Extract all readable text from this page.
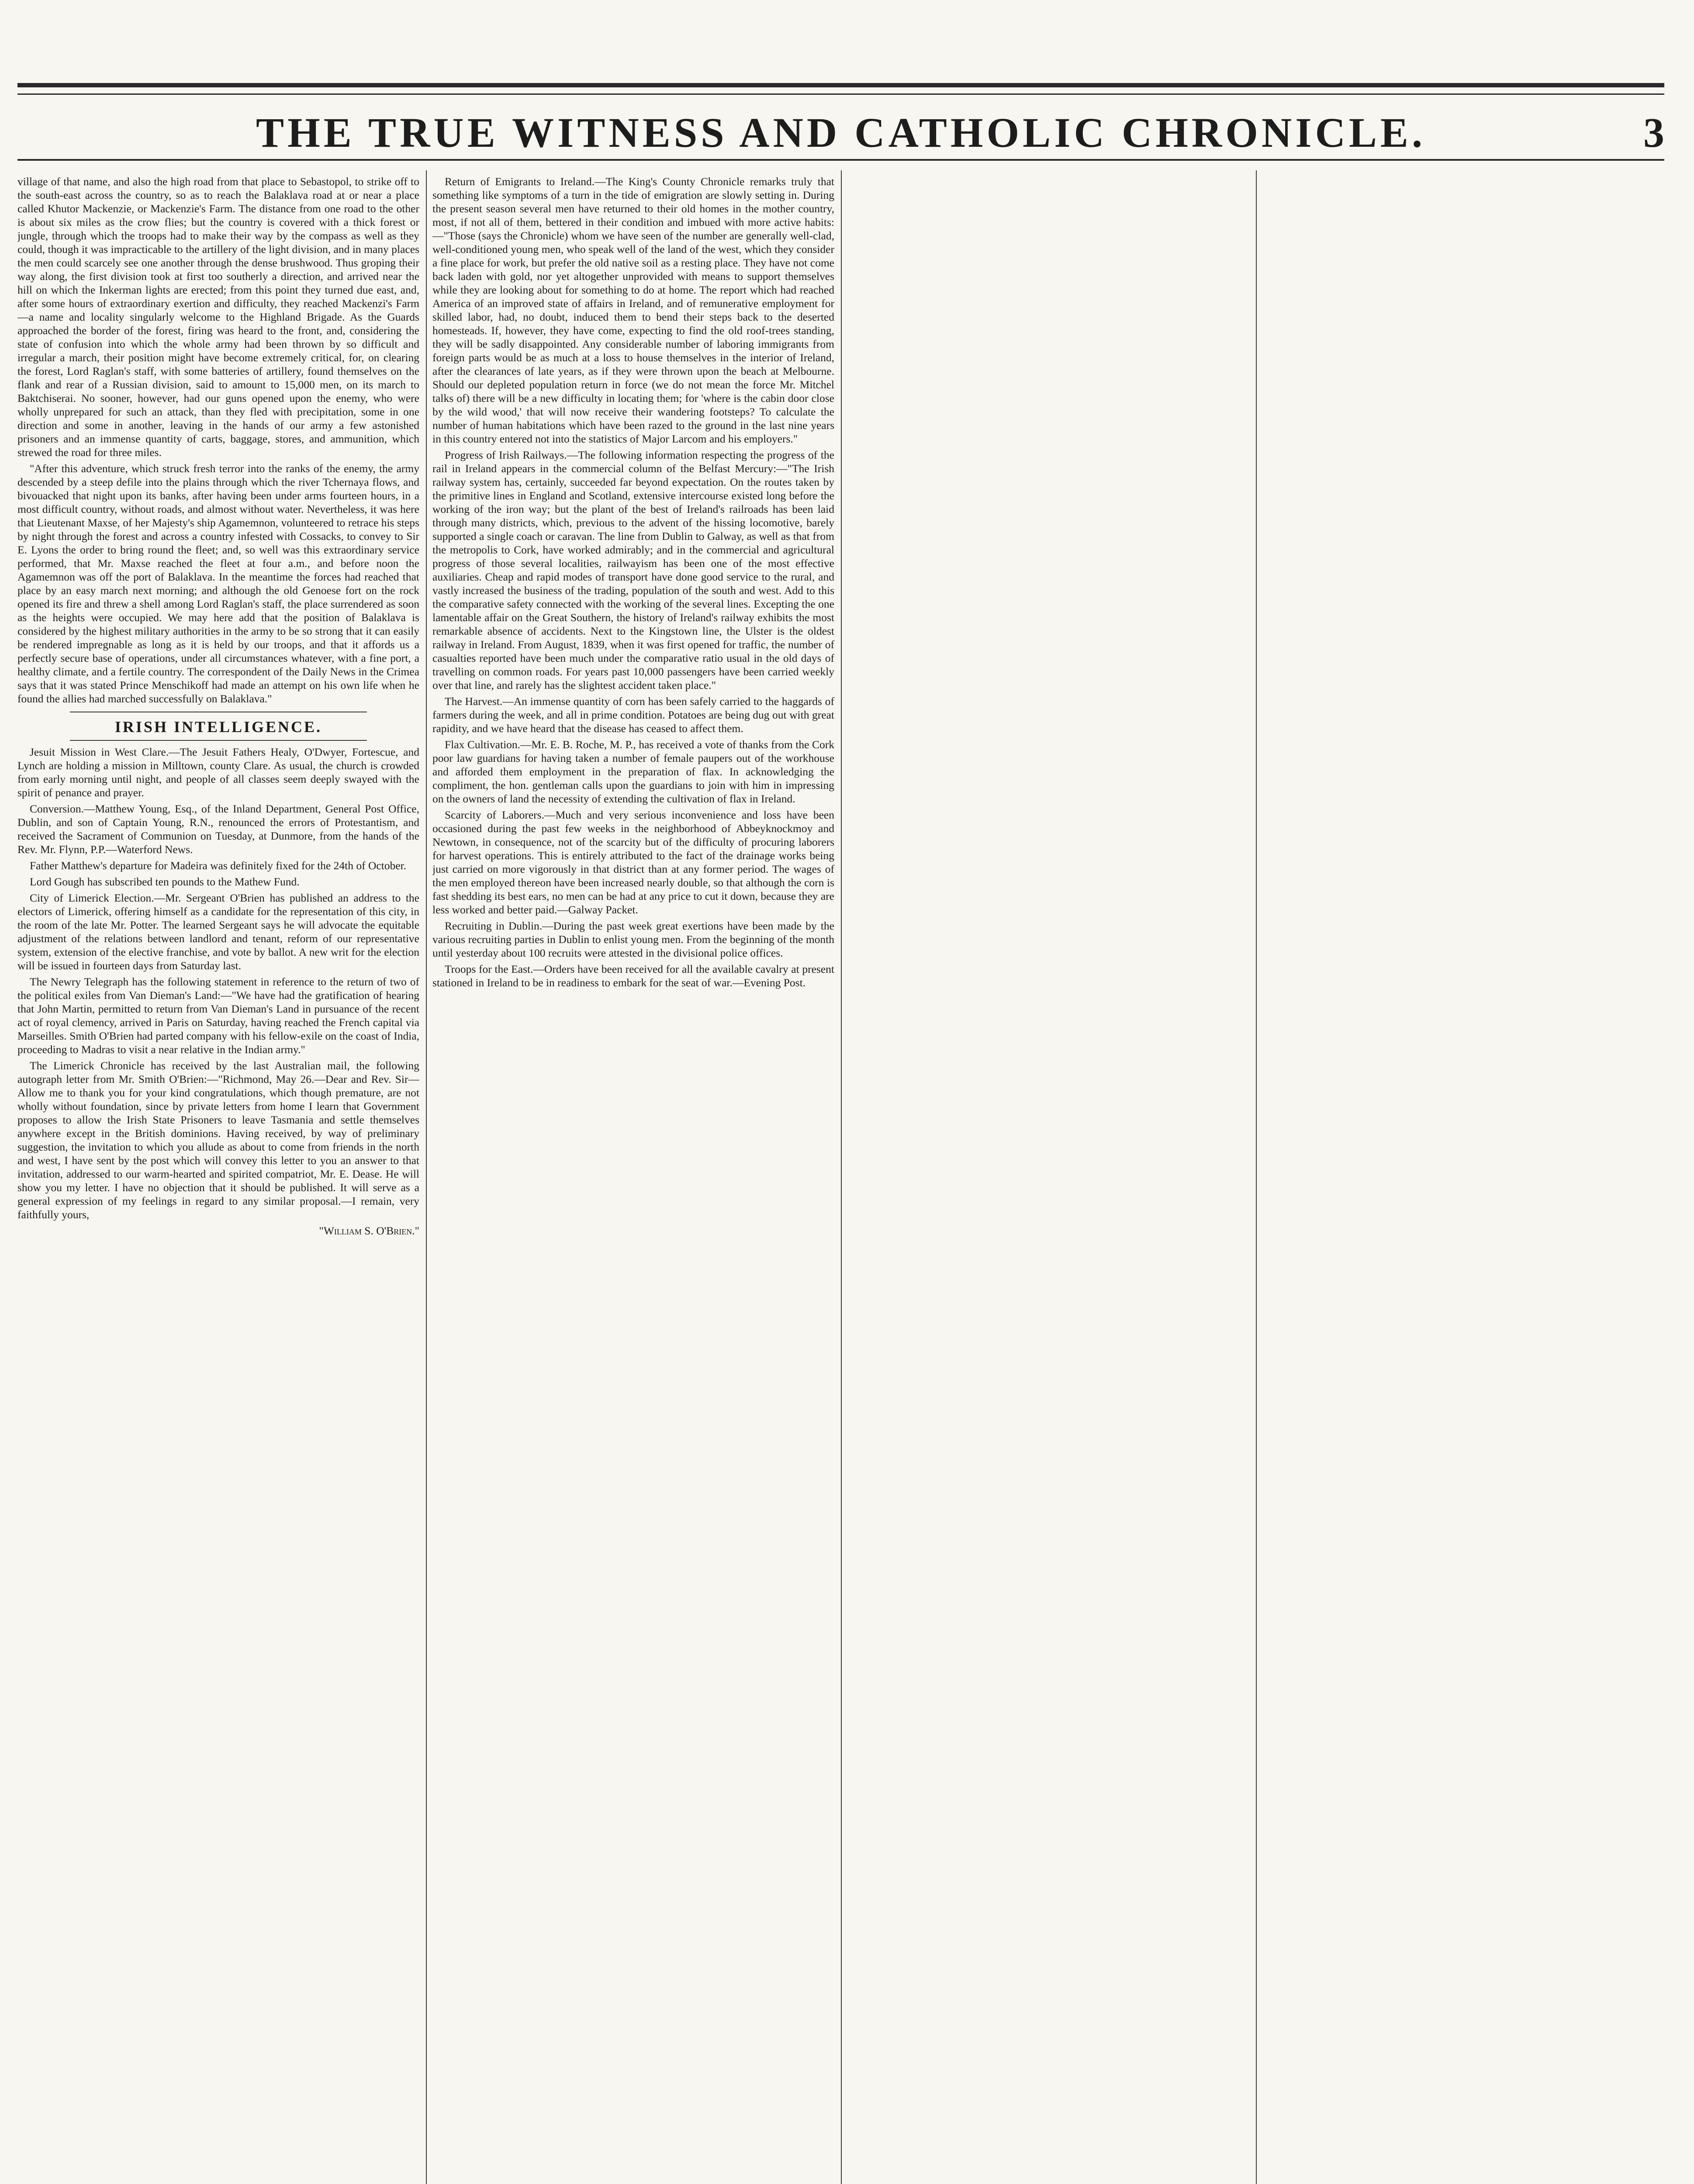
THE TRUE WITNESS AND CATHOLIC CHRONICLE.	3

village of that name, and also the high road from that place to Sebastopol, to strike off to the south-east across the country, so as to reach the Balaklava road at or near a place called Khutor Mackenzie, or Mackenzie's Farm. The distance from one road to the other is about six miles as the crow flies; but the country is covered with a thick forest or jungle, through which the troops had to make their way by the compass as well as they could, though it was impracticable to the artillery of the light division, and in many places the men could scarcely see one another through the dense brushwood. Thus groping their way along, the first division took at first too southerly a direction, and arrived near the hill on which the Inkerman lights are erected; from this point they turned due east, and, after some hours of extraordinary exertion and difficulty, they reached Mackenzi's Farm—a name and locality singularly welcome to the Highland Brigade. As the Guards approached the border of the forest, firing was heard to the front, and, considering the state of confusion into which the whole army had been thrown by so difficult and irregular a march, their position might have become extremely critical, for, on clearing the forest, Lord Raglan's staff, with some batteries of artillery, found themselves on the flank and rear of a Russian division, said to amount to 15,000 men, on its march to Baktchiserai. No sooner, however, had our guns opened upon the enemy, who were wholly unprepared for such an attack, than they fled with precipitation, some in one direction and some in another, leaving in the hands of our army a few astonished prisoners and an immense quantity of carts, baggage, stores, and ammunition, which strewed the road for three miles.

"After this adventure, which struck fresh terror into the ranks of the enemy, the army descended by a steep defile into the plains through which the river Tchernaya flows, and bivouacked that night upon its banks, after having been under arms fourteen hours, in a most difficult country, without roads, and almost without water. Nevertheless, it was here that Lieutenant Maxse, of her Majesty's ship Agamemnon, volunteered to retrace his steps by night through the forest and across a country infested with Cossacks, to convey to Sir E. Lyons the order to bring round the fleet; and, so well was this extraordinary service performed, that Mr. Maxse reached the fleet at four a.m., and before noon the Agamemnon was off the port of Balaklava. In the meantime the forces had reached that place by an easy march next morning; and although the old Genoese fort on the rock opened its fire and threw a shell among Lord Raglan's staff, the place surrendered as soon as the heights were occupied. We may here add that the position of Balaklava is considered by the highest military authorities in the army to be so strong that it can easily be rendered impregnable as long as it is held by our troops, and that it affords us a perfectly secure base of operations, under all circumstances whatever, with a fine port, a healthy climate, and a fertile country. The correspondent of the Daily News in the Crimea says that it was stated Prince Menschikoff had made an attempt on his own life when he found the allies had marched successfully on Balaklava."

IRISH INTELLIGENCE.

Jesuit Mission in West Clare.—The Jesuit Fathers Healy, O'Dwyer, Fortescue, and Lynch are holding a mission in Milltown, county Clare. As usual, the church is crowded from early morning until night, and people of all classes seem deeply swayed with the spirit of penance and prayer.

Conversion.—Matthew Young, Esq., of the Inland Department, General Post Office, Dublin, and son of Captain Young, R.N., renounced the errors of Protestantism, and received the Sacrament of Communion on Tuesday, at Dunmore, from the hands of the Rev. Mr. Flynn, P.P.—Waterford News.

Father Matthew's departure for Madeira was definitely fixed for the 24th of October.

Lord Gough has subscribed ten pounds to the Mathew Fund.

City of Limerick Election.—Mr. Sergeant O'Brien has published an address to the electors of Limerick, offering himself as a candidate for the representation of this city, in the room of the late Mr. Potter. The learned Sergeant says he will advocate the equitable adjustment of the relations between landlord and tenant, reform of our representative system, extension of the elective franchise, and vote by ballot. A new writ for the election will be issued in fourteen days from Saturday last.

The Newry Telegraph has the following statement in reference to the return of two of the political exiles from Van Dieman's Land:—"We have had the gratification of hearing that John Martin, permitted to return from Van Dieman's Land in pursuance of the recent act of royal clemency, arrived in Paris on Saturday, having reached the French capital via Marseilles. Smith O'Brien had parted company with his fellow-exile on the coast of India, proceeding to Madras to visit a near relative in the Indian army."

The Limerick Chronicle has received by the last Australian mail, the following autograph letter from Mr. Smith O'Brien:—"Richmond, May 26.—Dear and Rev. Sir—Allow me to thank you for your kind congratulations, which though premature, are not wholly without foundation, since by private letters from home I learn that Government proposes to allow the Irish State Prisoners to leave Tasmania and settle themselves anywhere except in the British dominions. Having received, by way of preliminary suggestion, the invitation to which you allude as about to come from friends in the north and west, I have sent by the post which will convey this letter to you an answer to that invitation, addressed to our warm-hearted and spirited compatriot, Mr. E. Dease. He will show you my letter. I have no objection that it should be published. It will serve as a general expression of my feelings in regard to any similar proposal.—I remain, very faithfully yours,

"William S. O'Brien."

Return of Emigrants to Ireland.—The King's County Chronicle remarks truly that something like symptoms of a turn in the tide of emigration are slowly setting in. During the present season several men have returned to their old homes in the mother country, most, if not all of them, bettered in their condition and imbued with more active habits:—"Those (says the Chronicle) whom we have seen of the number are generally well-clad, well-conditioned young men, who speak well of the land of the west, which they consider a fine place for work, but prefer the old native soil as a resting place. They have not come back laden with gold, nor yet altogether unprovided with means to support themselves while they are looking about for something to do at home. The report which had reached America of an improved state of affairs in Ireland, and of remunerative employment for skilled labor, had, no doubt, induced them to bend their steps back to the deserted homesteads. If, however, they have come, expecting to find the old roof-trees standing, they will be sadly disappointed. Any considerable number of laboring immigrants from foreign parts would be as much at a loss to house themselves in the interior of Ireland, after the clearances of late years, as if they were thrown upon the beach at Melbourne. Should our depleted population return in force (we do not mean the force Mr. Mitchel talks of) there will be a new difficulty in locating them; for 'where is the cabin door close by the wild wood,' that will now receive their wandering footsteps? To calculate the number of human habitations which have been razed to the ground in the last nine years in this country entered not into the statistics of Major Larcom and his employers."

Progress of Irish Railways.—The following information respecting the progress of the rail in Ireland appears in the commercial column of the Belfast Mercury:—"The Irish railway system has, certainly, succeeded far beyond expectation. On the routes taken by the primitive lines in England and Scotland, extensive intercourse existed long before the working of the iron way; but the plant of the best of Ireland's railroads has been laid through many districts, which, previous to the advent of the hissing locomotive, barely supported a single coach or caravan. The line from Dublin to Galway, as well as that from the metropolis to Cork, have worked admirably; and in the commercial and agricultural progress of those several localities, railwayism has been one of the most effective auxiliaries. Cheap and rapid modes of transport have done good service to the rural, and vastly increased the business of the trading, population of the south and west. Add to this the comparative safety connected with the working of the several lines. Excepting the one lamentable affair on the Great Southern, the history of Ireland's railway exhibits the most remarkable absence of accidents. Next to the Kingstown line, the Ulster is the oldest railway in Ireland. From August, 1839, when it was first opened for traffic, the number of casualties reported have been much under the comparative ratio usual in the old days of travelling on common roads. For years past 10,000 passengers have been carried weekly over that line, and rarely has the slightest accident taken place."

The Harvest.—An immense quantity of corn has been safely carried to the haggards of farmers during the week, and all in prime condition. Potatoes are being dug out with great rapidity, and we have heard that the disease has ceased to affect them.

Flax Cultivation.—Mr. E. B. Roche, M. P., has received a vote of thanks from the Cork poor law guardians for having taken a number of female paupers out of the workhouse and afforded them employment in the preparation of flax. In acknowledging the compliment, the hon. gentleman calls upon the guardians to join with him in impressing on the owners of land the necessity of extending the cultivation of flax in Ireland.

Scarcity of Laborers.—Much and very serious inconvenience and loss have been occasioned during the past few weeks in the neighborhood of Abbeyknockmoy and Newtown, in consequence, not of the scarcity but of the difficulty of procuring laborers for harvest operations. This is entirely attributed to the fact of the drainage works being just carried on more vigorously in that district than at any former period. The wages of the men employed thereon have been increased nearly double, so that although the corn is fast shedding its best ears, no men can be had at any price to cut it down, because they are less worked and better paid.—Galway Packet.

Recruiting in Dublin.—During the past week great exertions have been made by the various recruiting parties in Dublin to enlist young men. From the beginning of the month until yesterday about 100 recruits were attested in the divisional police offices.

Troops for the East.—Orders have been received for all the available cavalry at present stationed in Ireland to be in readiness to embark for the seat of war.—Evening Post.
